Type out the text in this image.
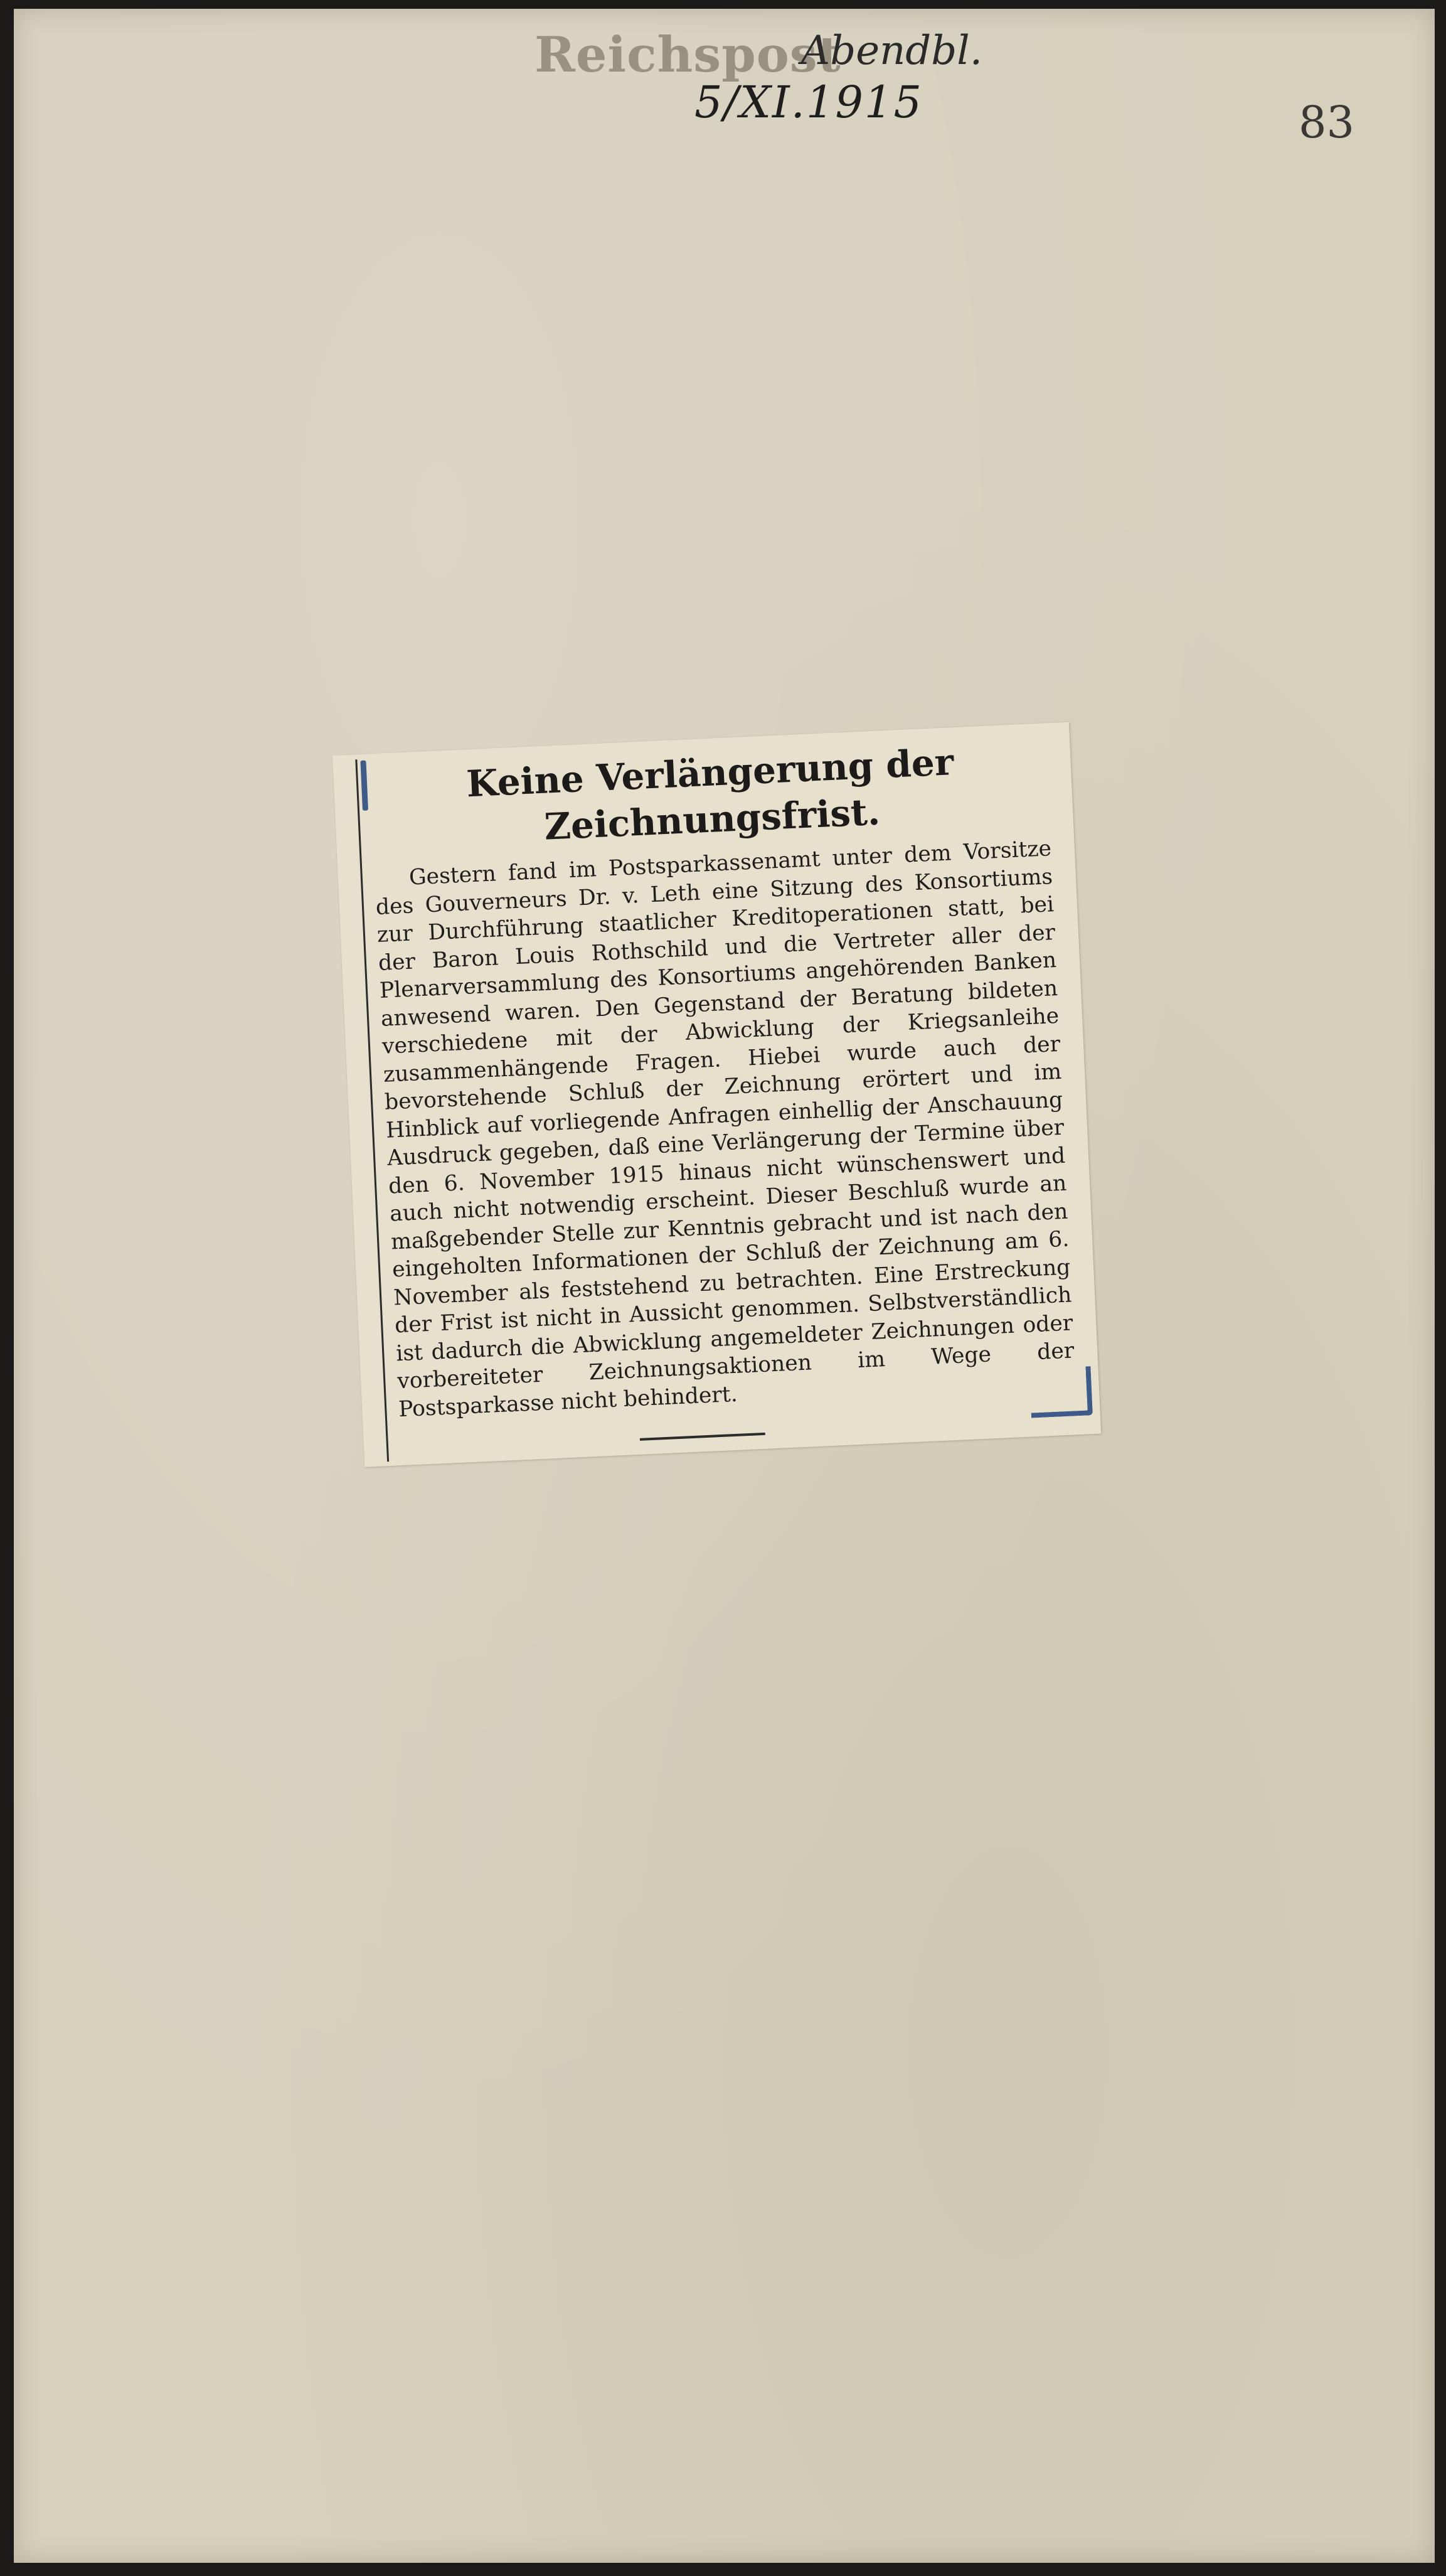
Reichspost
Abendbl.
5/XI.1915	83
Keine Verlängerung der Zeichnungsfrist.
Gestern fand im Postsparkassenamt unter dem Vorsitze des Gouverneurs Dr. v. Leth eine Sitzung des Konsortiums zur Durchführung staatlicher Kreditoperationen statt, bei der Baron Louis Rothschild und die Vertreter aller der Plenarversammlung des Konsortiums angehörenden Banken anwesend waren. Den Gegenstand der Beratung bildeten verschiedene mit der Abwicklung der Kriegsanleihe zusammenhängende Fragen. Hiebei wurde auch der bevorstehende Schluß der Zeichnung erörtert und im Hinblick auf vorliegende Anfragen einhellig der Anschauung Ausdruck gegeben, daß eine Verlängerung der Termine über den 6. November 1915 hinaus nicht wünschenswert und auch nicht notwendig erscheint. Dieser Beschluß wurde an maßgebender Stelle zur Kenntnis gebracht und ist nach den eingeholten Informationen der Schluß der Zeichnung am 6. November als feststehend zu betrachten. Eine Erstreckung der Frist ist nicht in Aussicht genommen. Selbstverständlich ist dadurch die Abwicklung angemeldeter Zeichnungen oder vorbereiteter Zeichnungsaktionen im Wege der Postsparkasse nicht behindert.
